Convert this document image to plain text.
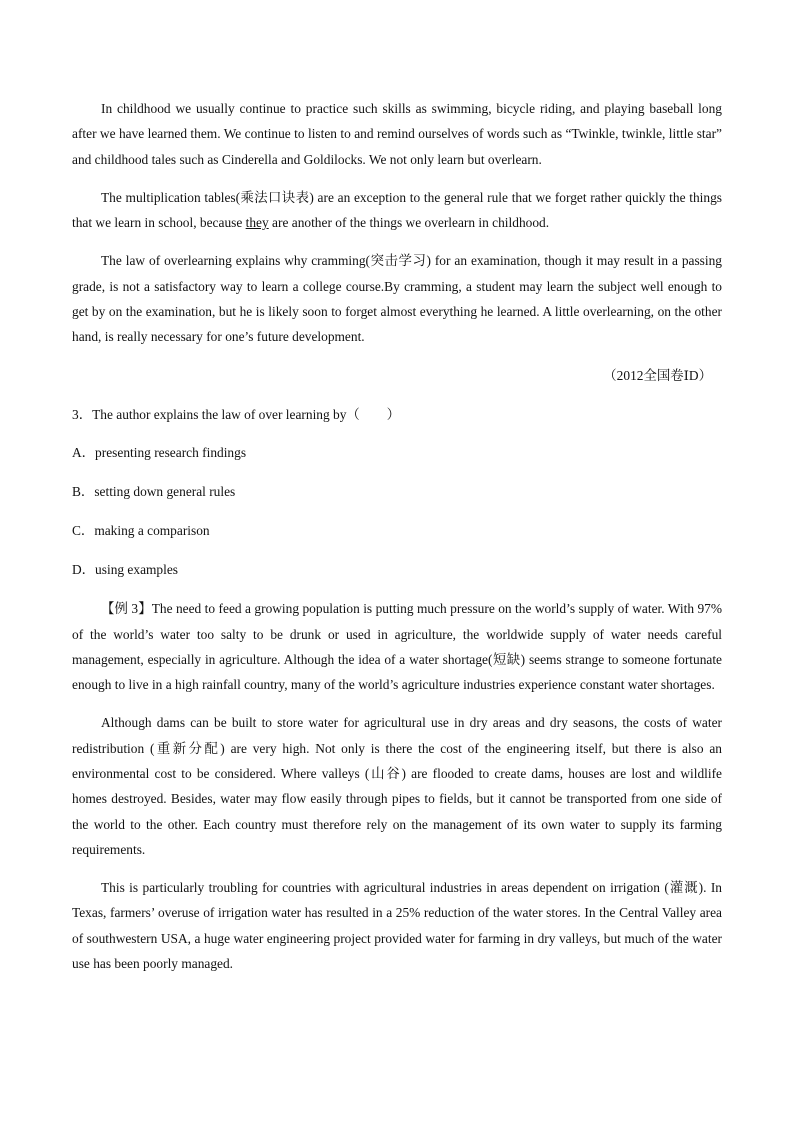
In childhood we usually continue to practice such skills as swimming, bicycle riding, and playing baseball long after we have learned them. We continue to listen to and remind ourselves of words such as “Twinkle, twinkle, little star” and childhood tales such as Cinderella and Goldilocks. We not only learn but overlearn.

The multiplication tables(乘法口诀表) are an exception to the general rule that we forget rather quickly the things that we learn in school, because they are another of the things we overlearn in childhood.

The law of overlearning explains why cramming(突击学习) for an examination, though it may result in a passing grade, is not a satisfactory way to learn a college course.By cramming, a student may learn the subject well enough to get by on the examination, but he is likely soon to forget almost everything he learned. A little overlearning, on the other hand, is really necessary for one’s future development.

（2012全国卷ⅠD）

3．The author explains the law of over learning by（　　）

A．presenting research findings

B．setting down general rules

C．making a comparison

D．using examples

【例 3】The need to feed a growing population is putting much pressure on the world’s supply of water. With 97% of the world’s water too salty to be drunk or used in agriculture, the worldwide supply of water needs careful management, especially in agriculture. Although the idea of a water shortage(短缺) seems strange to someone fortunate enough to live in a high rainfall country, many of the world’s agriculture industries experience constant water shortages.

Although dams can be built to store water for agricultural use in dry areas and dry seasons, the costs of water redistribution (重新分配) are very high. Not only is there the cost of the engineering itself, but there is also an environmental cost to be considered. Where valleys (山谷) are flooded to create dams, houses are lost and wildlife homes destroyed. Besides, water may flow easily through pipes to fields, but it cannot be transported from one side of the world to the other. Each country must therefore rely on the management of its own water to supply its farming requirements.

This is particularly troubling for countries with agricultural industries in areas dependent on irrigation (灌溉). In Texas, farmers’ overuse of irrigation water has resulted in a 25% reduction of the water stores. In the Central Valley area of southwestern USA, a huge water engineering project provided water for farming in dry valleys, but much of the water use has been poorly managed.
